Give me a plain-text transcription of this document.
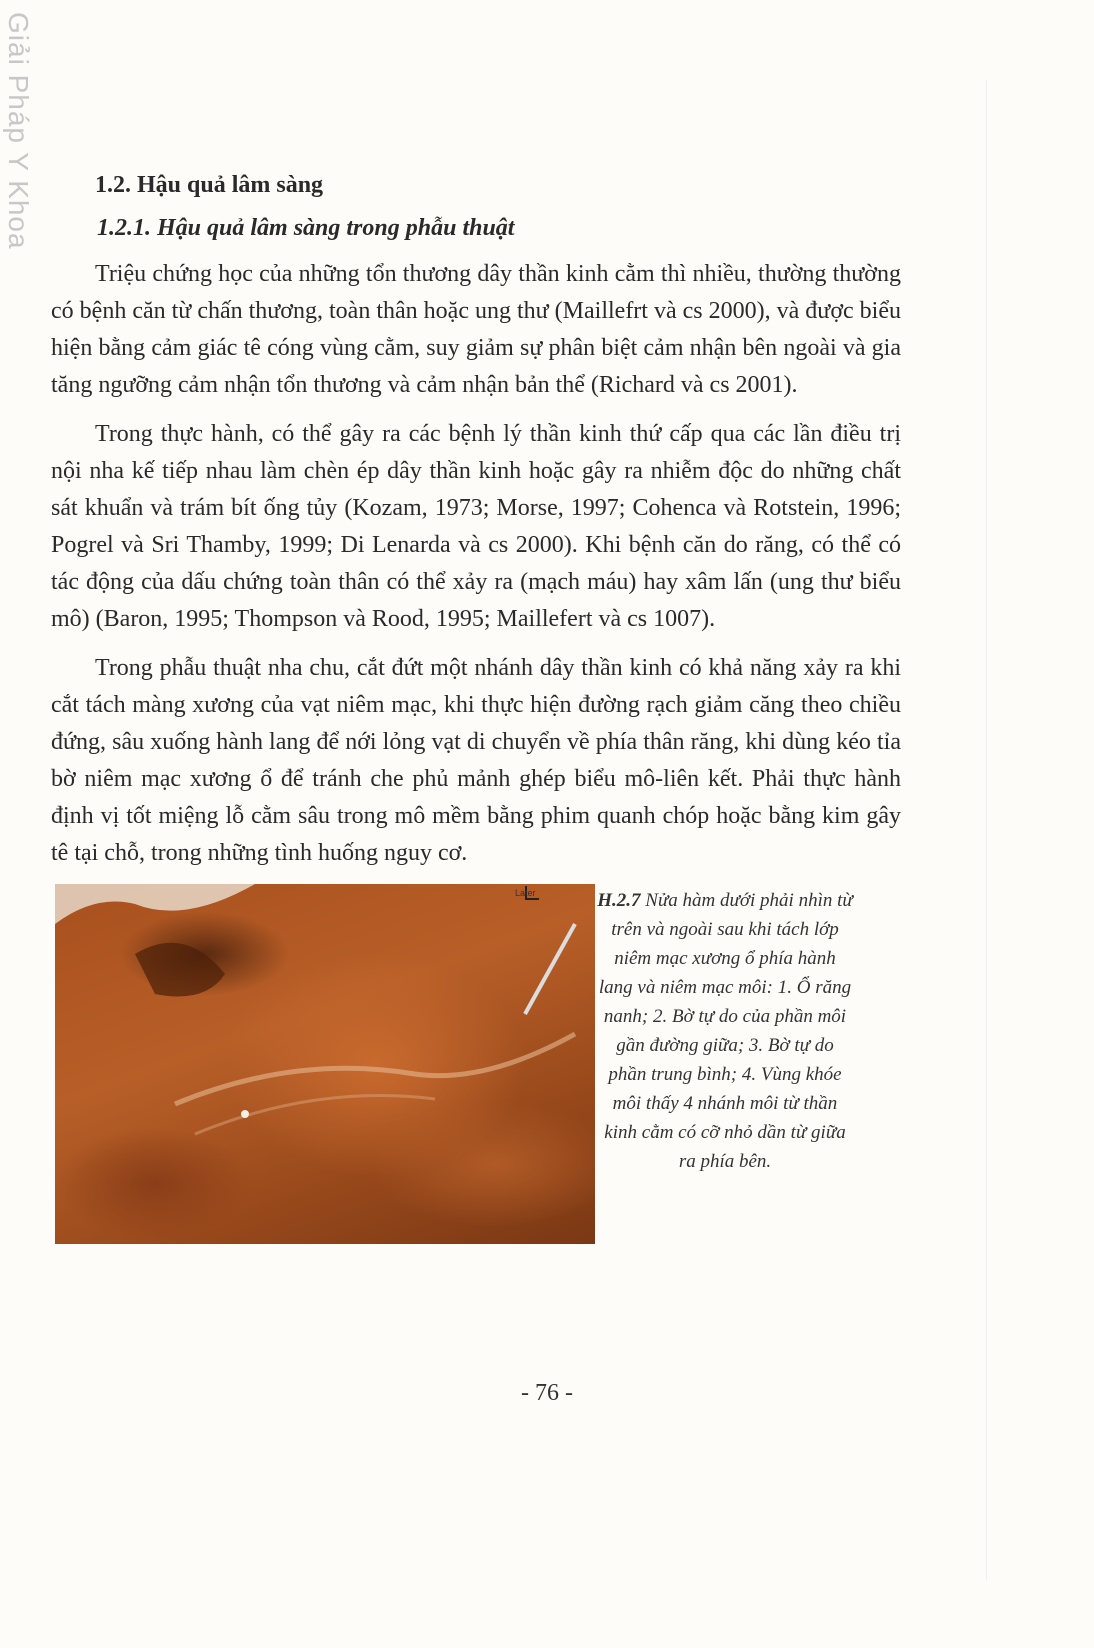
Giải Pháp Y Khoa	1.2. Hậu quả lâm sàng
1.2.1. Hậu quả lâm sàng trong phẫu thuật

Triệu chứng học của những tổn thương dây thần kinh cằm thì nhiều, thường thường có bệnh căn từ chấn thương, toàn thân hoặc ung thư (Maillefrt và cs 2000), và được biểu hiện bằng cảm giác tê cóng vùng cằm, suy giảm sự phân biệt cảm nhận bên ngoài và gia tăng ngưỡng cảm nhận tổn thương và cảm nhận bản thể (Richard và cs 2001).

Trong thực hành, có thể gây ra các bệnh lý thần kinh thứ cấp qua các lần điều trị nội nha kế tiếp nhau làm chèn ép dây thần kinh hoặc gây ra nhiễm độc do những chất sát khuẩn và trám bít ống tủy (Kozam, 1973; Morse, 1997; Cohenca và Rotstein, 1996; Pogrel và Sri Thamby, 1999; Di Lenarda và cs 2000). Khi bệnh căn do răng, có thể có tác động của dấu chứng toàn thân có thể xảy ra (mạch máu) hay xâm lấn (ung thư biểu mô) (Baron, 1995; Thompson và Rood, 1995; Maillefert và cs 1007).

Trong phẫu thuật nha chu, cắt đứt một nhánh dây thần kinh có khả năng xảy ra khi cắt tách màng xương của vạt niêm mạc, khi thực hiện đường rạch giảm căng theo chiều đứng, sâu xuống hành lang để nới lỏng vạt di chuyển về phía thân răng, khi dùng kéo tỉa bờ niêm mạc xương ổ để tránh che phủ mảnh ghép biểu mô-liên kết. Phải thực hành định vị tốt miệng lỗ cằm sâu trong mô mềm bằng phim quanh chóp hoặc bằng kim gây tê tại chỗ, trong những tình huống nguy cơ.

Later	H.2.7 Nửa hàm dưới phải nhìn từ trên và ngoài sau khi tách lớp niêm mạc xương ổ phía hành lang và niêm mạc môi: 1. Ổ răng nanh; 2. Bờ tự do của phần môi gần đường giữa; 3. Bờ tự do phần trung bình; 4. Vùng khóe môi thấy 4 nhánh môi từ thần kinh cằm có cỡ nhỏ dần từ giữa ra phía bên.
- 76 -
